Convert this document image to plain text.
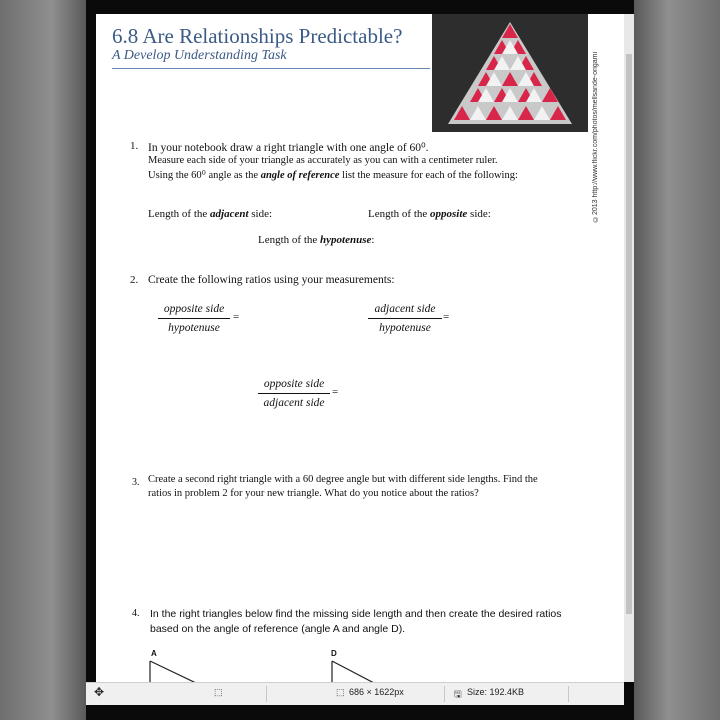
6.8 Are Relationships Predictable?
A Develop Understanding Task	©2013 http://www.flickr.com/photos/mellsande-origami
1. In your notebook draw a right triangle with one angle of 60⁰.
Measure each side of your triangle as accurately as you can with a centimeter ruler.
Using the 60⁰ angle as the angle of reference list the measure for each of the following:
Length of the adjacent side:	Length of the opposite side:
Length of the hypotenuse:
2. Create the following ratios using your measurements:
opposite side
hypotenuse
=
adjacent side
hypotenuse
=
opposite side
adjacent side
=
3. Create a second right triangle with a 60 degree angle but with different side lengths. Find the
ratios in problem 2 for your new triangle. What do you notice about the ratios?
4. In the right triangles below find the missing side length and then create the desired ratios
based on the angle of reference (angle A and angle D).
A	D
✥	⬚	⬚ 686 × 1622px	🖫 Size: 192.4KB
